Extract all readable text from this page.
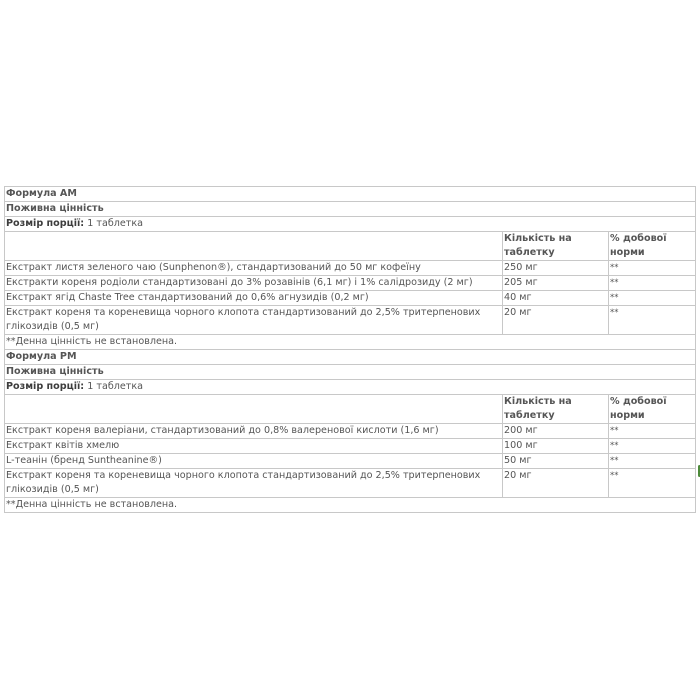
Формула AM		
Поживна цінність		
Розмір порції: 1 таблетка		
	Кількість на таблетку	% добової норми
Екстракт листя зеленого чаю (Sunphenon®), стандартизований до 50 мг кофеїну	250 мг	**
Екстракти кореня родіоли стандартизовані до 3% розавінів (6,1 мг) і 1% салідрозиду (2 мг)	205 мг	**
Екстракт ягід Chaste Tree стандартизований до 0,6% агнузидів (0,2 мг)	40 мг	**
Екстракт кореня та кореневища чорного клопота стандартизований до 2,5% тритерпенових глікозидів (0,5 мг)	20 мг	**
**Денна цінність не встановлена.		
Формула PM		
Поживна цінність		
Розмір порції: 1 таблетка		
	Кількість на таблетку	% добової норми
Екстракт кореня валеріани, стандартизований до 0,8% валеренової кислоти (1,6 мг)	200 мг	**
Екстракт квітів хмелю	100 мг	**
L-теанін (бренд Suntheanine®)	50 мг	**
Екстракт кореня та кореневища чорного клопота стандартизований до 2,5% тритерпенових глікозидів (0,5 мг)	20 мг	**
**Денна цінність не встановлена.		
